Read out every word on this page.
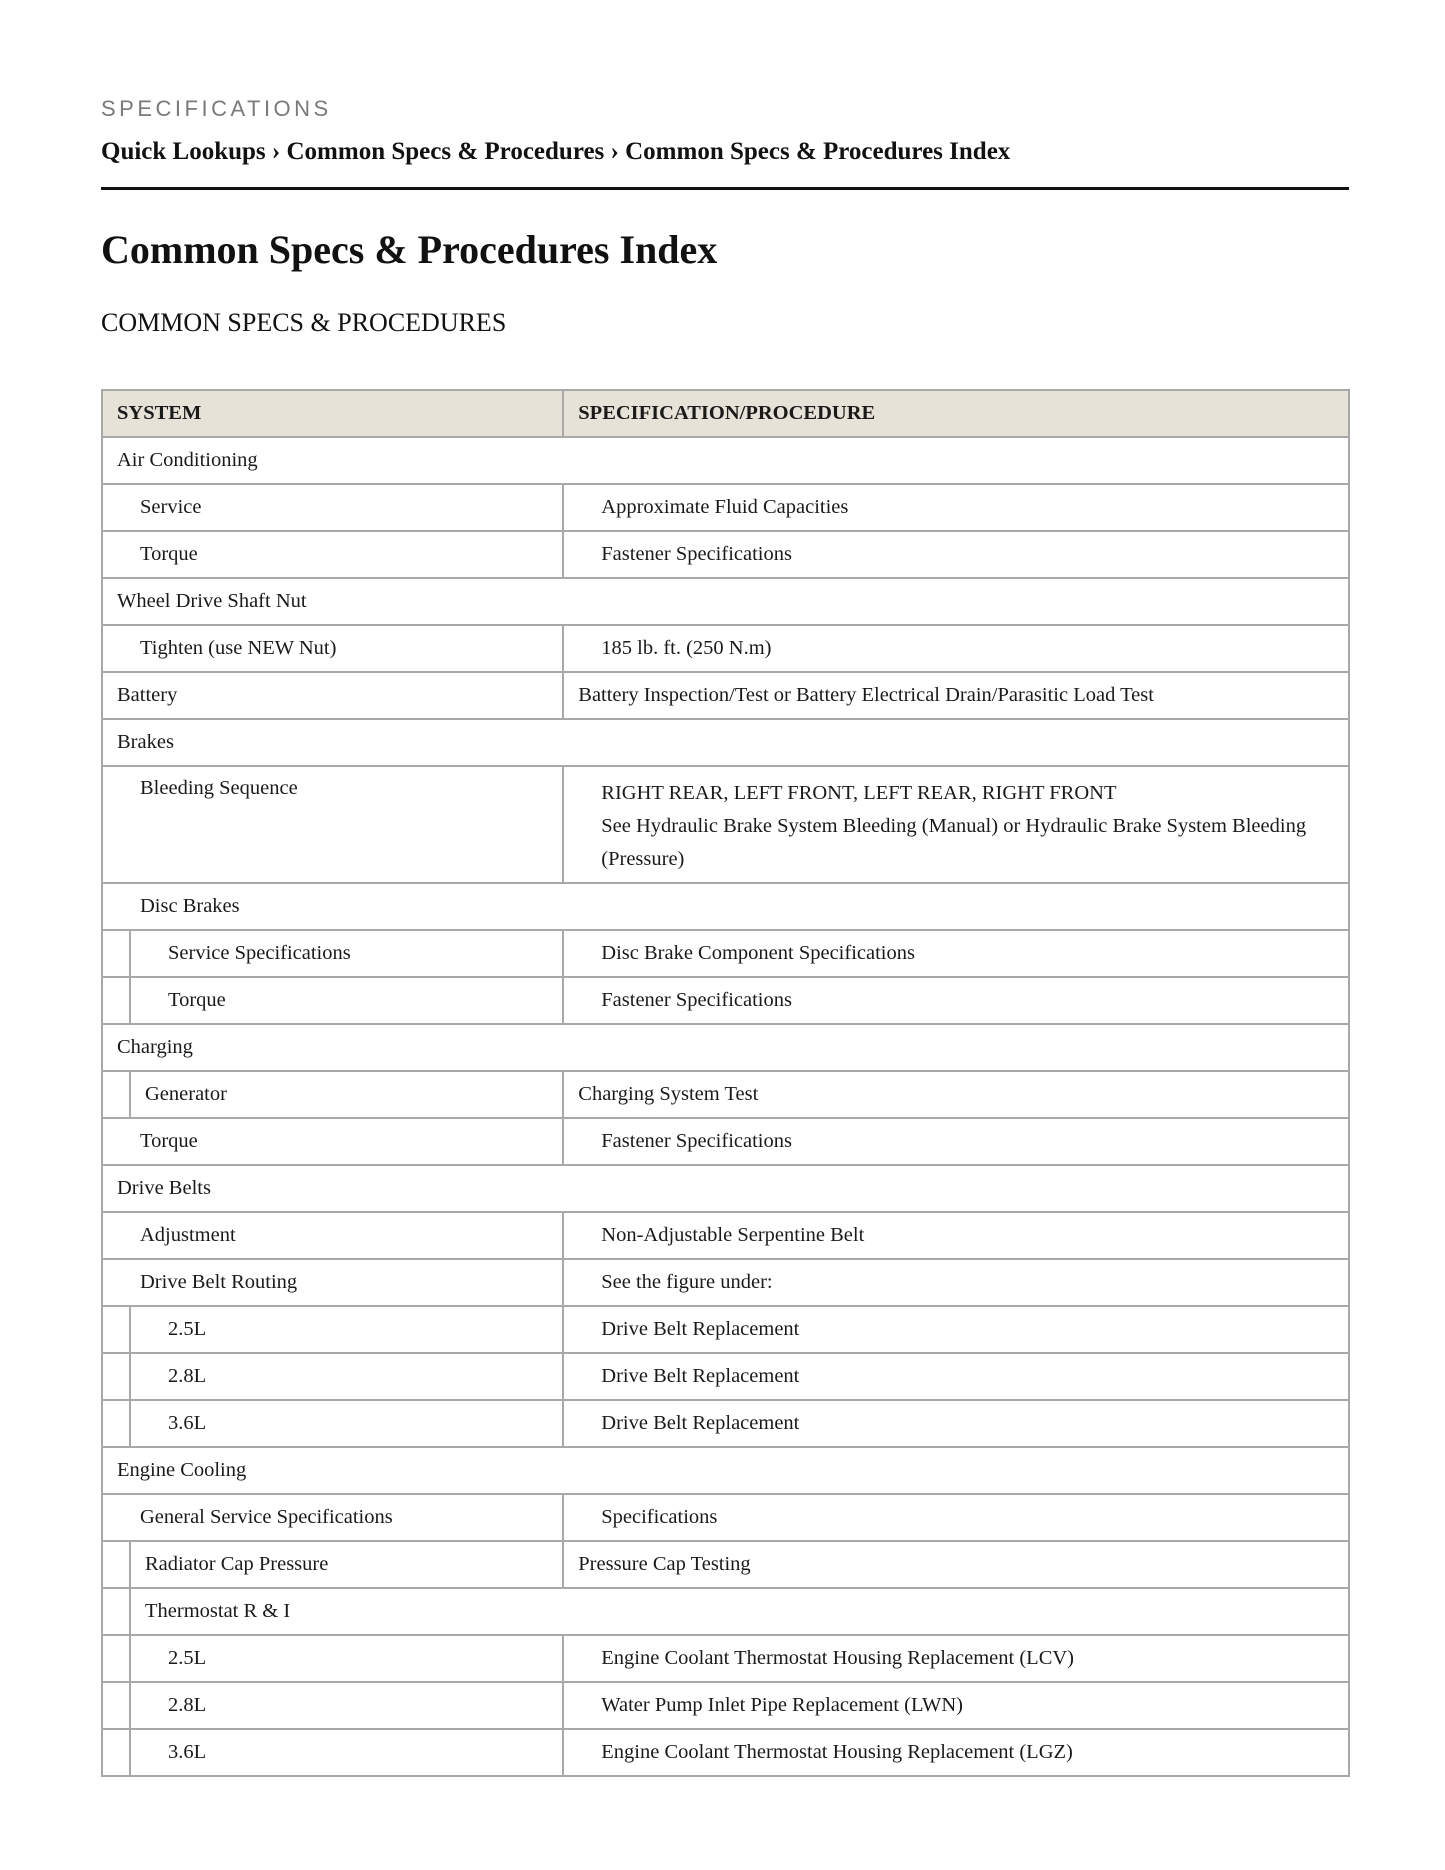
SPECIFICATIONS
Quick Lookups › Common Specs & Procedures › Common Specs & Procedures Index
Common Specs & Procedures Index
COMMON SPECS & PROCEDURES
SYSTEM		SPECIFICATION/PROCEDURE
Air Conditioning		
Service		Approximate Fluid Capacities
Torque		Fastener Specifications
Wheel Drive Shaft Nut		
Tighten (use NEW Nut)		185 lb. ft. (250 N.m)
Battery		Battery Inspection/Test or Battery Electrical Drain/Parasitic Load Test
Brakes		
Bleeding Sequence		RIGHT REAR, LEFT FRONT, LEFT REAR, RIGHT FRONT
See Hydraulic Brake System Bleeding (Manual) or Hydraulic Brake System Bleeding (Pressure)

Disc Brakes		
	Service Specifications	Disc Brake Component Specifications
	Torque	Fastener Specifications
Charging		
	Generator	Charging System Test
Torque		Fastener Specifications
Drive Belts		
Adjustment		Non-Adjustable Serpentine Belt
Drive Belt Routing		See the figure under:
	2.5L	Drive Belt Replacement
	2.8L	Drive Belt Replacement
	3.6L	Drive Belt Replacement
Engine Cooling		
General Service Specifications		Specifications
	Radiator Cap Pressure	Pressure Cap Testing
	Thermostat R & I	
	2.5L	Engine Coolant Thermostat Housing Replacement (LCV)
	2.8L	Water Pump Inlet Pipe Replacement (LWN)
	3.6L	Engine Coolant Thermostat Housing Replacement (LGZ)
